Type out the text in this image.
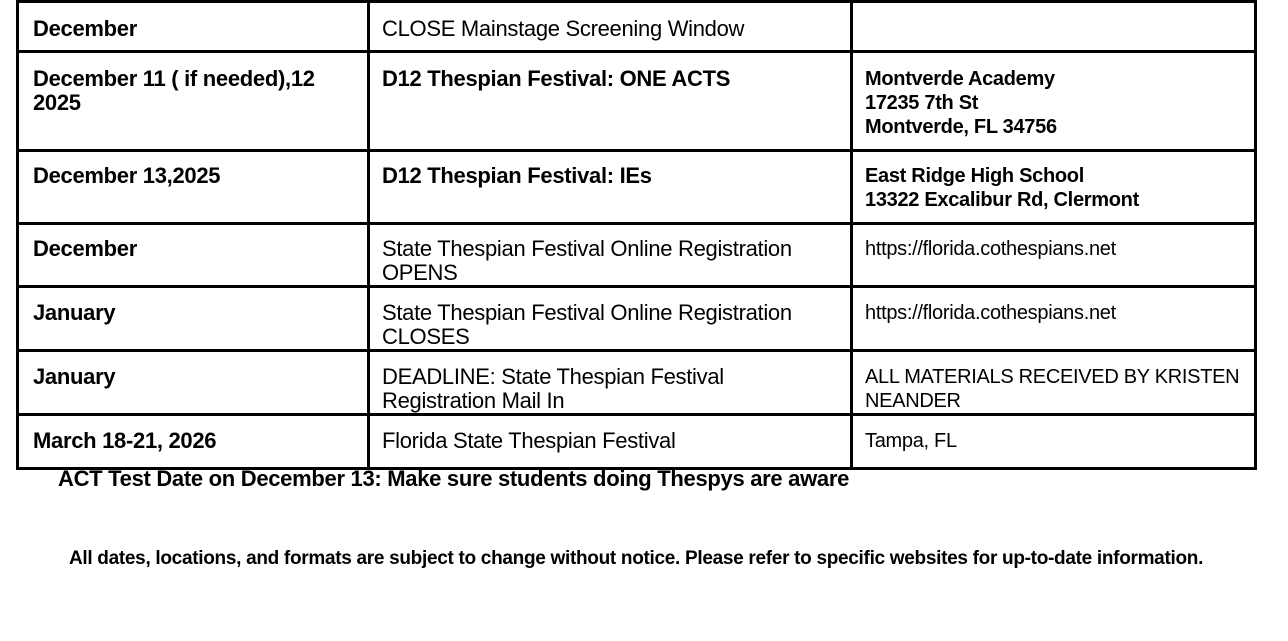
December	CLOSE Mainstage Screening Window	
December 11 ( if needed),12 2025	D12 Thespian Festival: ONE ACTS	Montverde Academy
17235 7th St
Montverde, FL 34756

December 13,2025	D12 Thespian Festival: IEs	East Ridge High School
13322 Excalibur Rd, Clermont

December	State Thespian Festival Online Registration OPENS	https://florida.cothespians.net

January	State Thespian Festival Online Registration CLOSES	https://florida.cothespians.net

January	DEADLINE: State Thespian Festival Registration Mail In	ALL MATERIALS RECEIVED BY KRISTEN NEANDER

March 18-21, 2026	Florida State Thespian Festival	Tampa, FL
ACT Test Date on December 13: Make sure students doing Thespys are aware
All dates, locations, and formats are subject to change without notice. Please refer to specific websites for up-to-date information.
